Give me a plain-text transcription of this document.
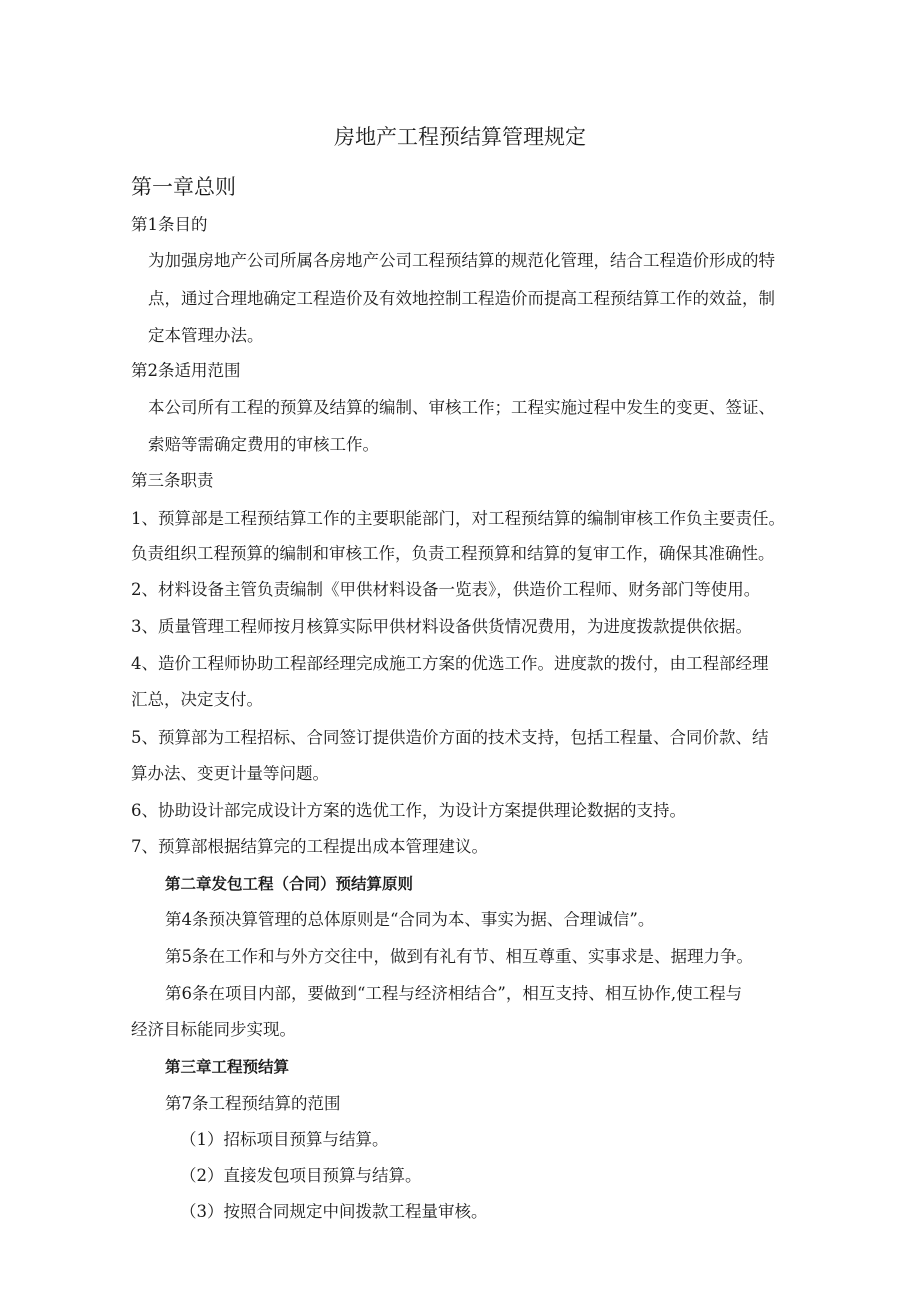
房地产工程预结算管理规定
第一章总则
第1条目的
为加强房地产公司所属各房地产公司工程预结算的规范化管理，结合工程造价形成的特
点，通过合理地确定工程造价及有效地控制工程造价而提高工程预结算工作的效益，制
定本管理办法。
第2条适用范围
本公司所有工程的预算及结算的编制、审核工作；工程实施过程中发生的变更、签证、
索赔等需确定费用的审核工作。
第三条职责
1、预算部是工程预结算工作的主要职能部门，对工程预结算的编制审核工作负主要责任。
负责组织工程预算的编制和审核工作，负责工程预算和结算的复审工作，确保其准确性。
2、材料设备主管负责编制《甲供材料设备一览表》，供造价工程师、财务部门等使用。
3、质量管理工程师按月核算实际甲供材料设备供货情况费用，为进度拨款提供依据。
4、造价工程师协助工程部经理完成施工方案的优选工作。进度款的拨付，由工程部经理
汇总，决定支付。
5、预算部为工程招标、合同签订提供造价方面的技术支持，包括工程量、合同价款、结
算办法、变更计量等问题。
6、协助设计部完成设计方案的选优工作，为设计方案提供理论数据的支持。
7、预算部根据结算完的工程提出成本管理建议。
第二章发包工程（合同）预结算原则
第4条预决算管理的总体原则是“合同为本、事实为据、合理诚信”。
第5条在工作和与外方交往中，做到有礼有节、相互尊重、实事求是、据理力争。
第6条在项目内部，要做到“工程与经济相结合”，相互支持、相互协作,使工程与
经济目标能同步实现。
第三章工程预结算
第7条工程预结算的范围
（1）招标项目预算与结算。
（2）直接发包项目预算与结算。
（3）按照合同规定中间拨款工程量审核。
